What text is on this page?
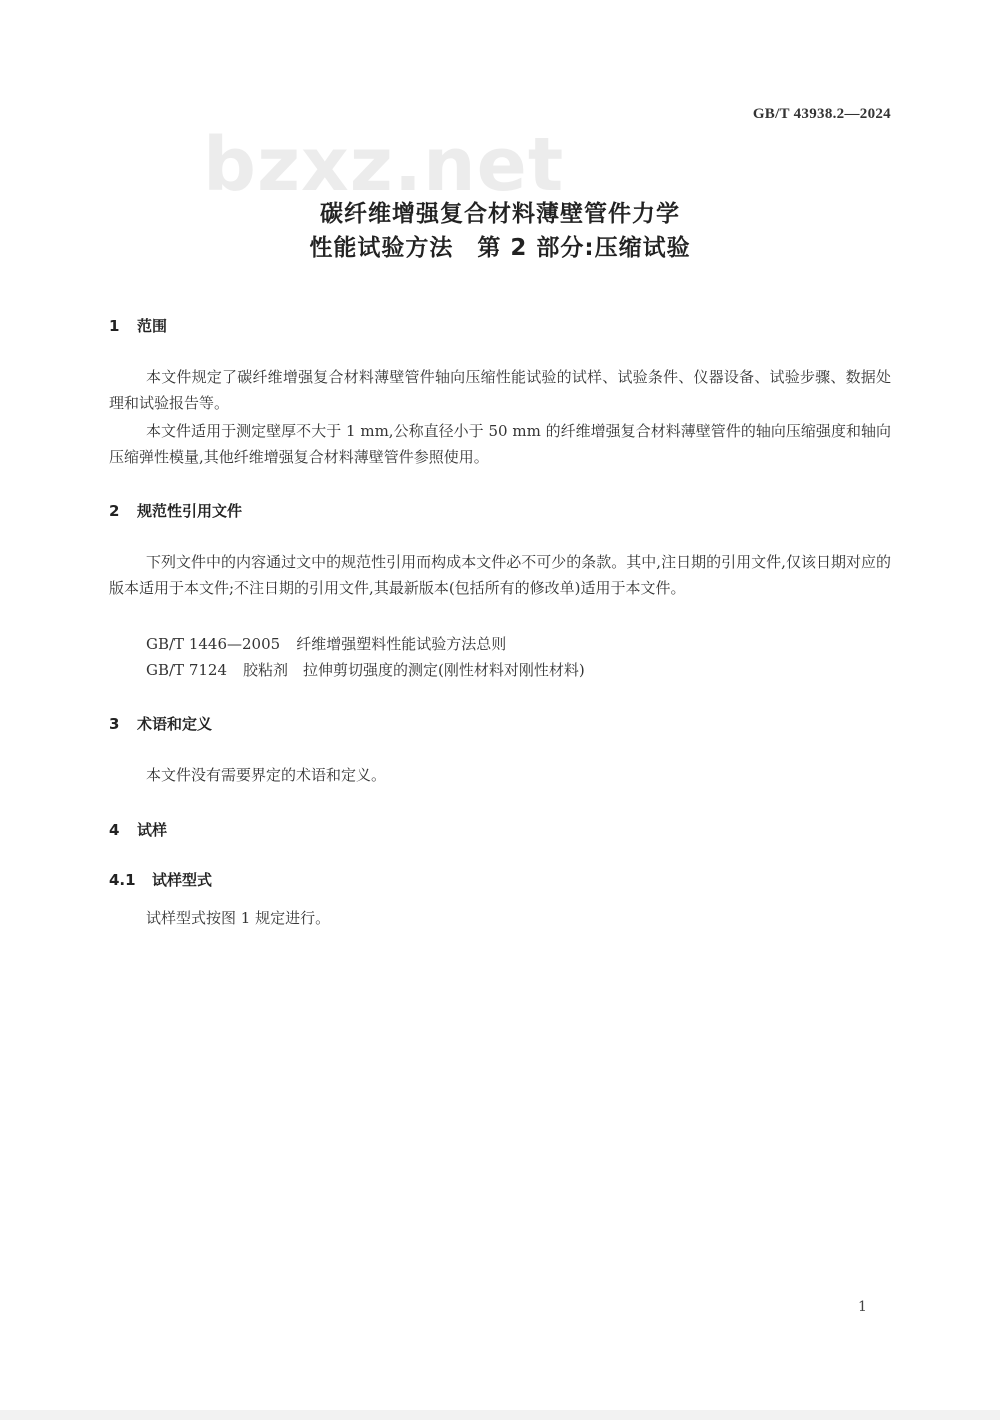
GB/T 43938.2—2024
bzxz.net
碳纤维增强复合材料薄壁管件力学
性能试验方法　第 2 部分:压缩试验
1 范围

本文件规定了碳纤维增强复合材料薄壁管件轴向压缩性能试验的试样、试验条件、仪器设备、试验步骤、数据处理和试验报告等。

本文件适用于测定壁厚不大于 1 mm,公称直径小于 50 mm 的纤维增强复合材料薄壁管件的轴向压缩强度和轴向压缩弹性模量,其他纤维增强复合材料薄壁管件参照使用。

2 规范性引用文件

下列文件中的内容通过文中的规范性引用而构成本文件必不可少的条款。其中,注日期的引用文件,仅该日期对应的版本适用于本文件;不注日期的引用文件,其最新版本(包括所有的修改单)适用于本文件。

GB/T 1446—2005 纤维增强塑料性能试验方法总则
GB/T 7124 胶粘剂　拉伸剪切强度的测定(刚性材料对刚性材料)
3 术语和定义

本文件没有需要界定的术语和定义。

4 试样
4.1 试样型式

试样型式按图 1 规定进行。

1
